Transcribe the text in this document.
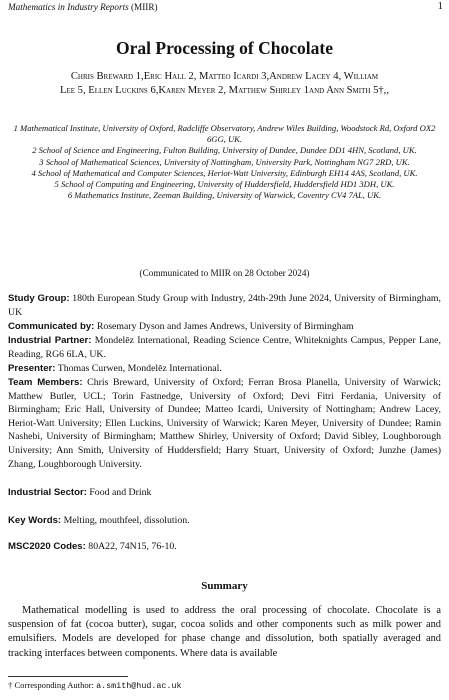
Mathematics in Industry Reports (MIIR)	1
Oral Processing of Chocolate
Chris Breward 1,Eric Hall 2, Matteo Icardi 3,Andrew Lacey 4, William
Lee 5, Ellen Luckins 6,Karen Meyer 2, Matthew Shirley 1and Ann Smith 5†,,
1 Mathematical Institute, University of Oxford, Radcliffe Observatory, Andrew Wiles Building, Woodstock Rd, Oxford OX2 6GG, UK.
2 School of Science and Engineering, Fulton Building, University of Dundee, Dundee DD1 4HN, Scotland, UK.
3 School of Mathematical Sciences, University of Nottingham, University Park, Nottingham NG7 2RD, UK.
4 School of Mathematical and Computer Sciences, Heriot-Watt University, Edinburgh EH14 4AS, Scotland, UK.
5 School of Computing and Engineering, University of Huddersfield, Huddersfield HD1 3DH, UK.
6 Mathematics Institute, Zeeman Building, University of Warwick, Coventry CV4 7AL, UK.
(Communicated to MIIR on 28 October 2024)
Study Group: 180th European Study Group with Industry, 24th-29th June 2024, University of Birmingham, UK
Communicated by: Rosemary Dyson and James Andrews, University of Birmingham
Industrial Partner: Mondelēz International, Reading Science Centre, Whiteknights Campus, Pepper Lane, Reading, RG6 6LA, UK.
Presenter: Thomas Curwen, Mondelēz International.
Team Members: Chris Breward, University of Oxford; Ferran Brosa Planella, University of Warwick; Matthew Butler, UCL; Torin Fastnedge, University of Oxford; Devi Fitri Ferdania, University of Birmingham; Eric Hall, University of Dundee; Matteo Icardi, University of Nottingham; Andrew Lacey, Heriot-Watt University; Ellen Luckins, University of Warwick; Karen Meyer, University of Dundee; Ramin Nashebi, University of Birmingham; Matthew Shirley, University of Oxford; David Sibley, Loughborough University; Ann Smith, University of Huddersfield; Harry Stuart, University of Oxford; Junzhe (James) Zhang, Loughborough University.
Industrial Sector: Food and Drink
Key Words: Melting, mouthfeel, dissolution.
MSC2020 Codes: 80A22, 74N15, 76-10.
Summary
Mathematical modelling is used to address the oral processing of chocolate. Chocolate is a suspension of fat (cocoa butter), sugar, cocoa solids and other components such as milk power and emulsifiers. Models are developed for phase change and dissolution, both spatially averaged and tracking interfaces between components. Where data is available
† Corresponding Author: a.smith@hud.ac.uk
